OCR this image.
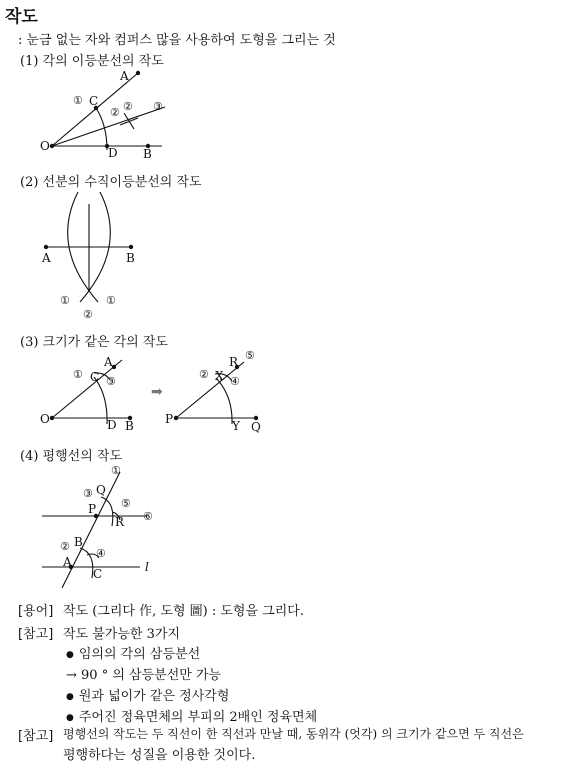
작도
: 눈금 없는 자와 컴퍼스 많을 사용하여 도형을 그리는 것
(1) 각의 이등분선의 작도
(2) 선분의 수직이등분선의 작도
(3) 크기가 같은 각의 작도
(4) 평행선의 작도
A
C
O	D B
①
② ② ③
A	B
①	①
②
A
C
O	D B
①
③
➡
R
X
P	Y Q
②
④
⑤
①
Q
③
⑤
P
R ⑥
② B
④
A
C	l
[용어] 작도 (그리다 作, 도형 圖) : 도형을 그리다.
[참고] 작도 불가능한 3가지
● 임의의 각의 삼등분선
→ 90 ° 의 삼등분선만 가능
● 원과 넓이가 같은 정사각형
● 주어진 정육면체의 부피의 2배인 정육면체
[참고] 평행선의 작도는 두 직선이 한 직선과 만날 때, 동위각 (엇각) 의 크기가 같으면 두 직선은
평행하다는 성질을 이용한 것이다.
